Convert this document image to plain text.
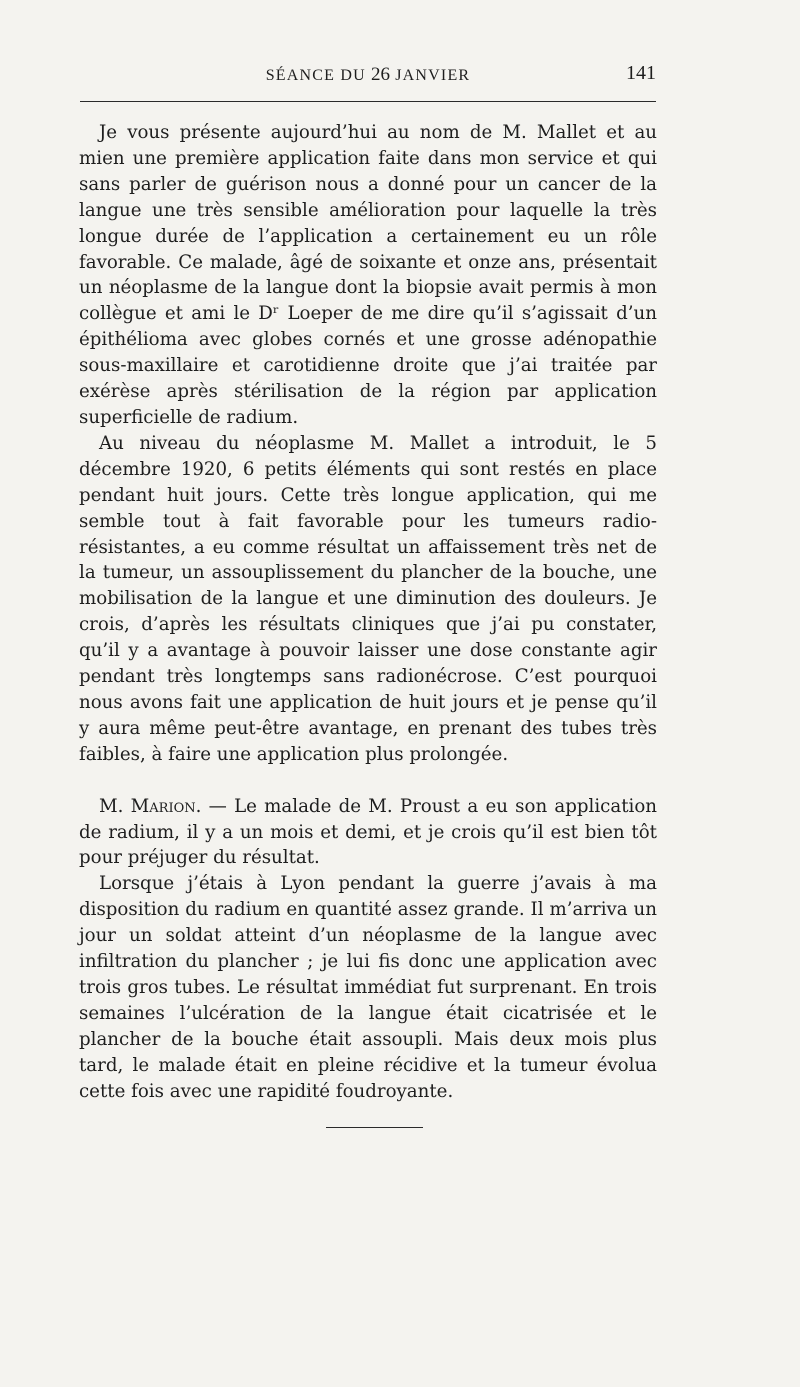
SÉANCE DU 26 JANVIER	141

Je vous présente aujourd’hui au nom de M. Mallet et au mien une première application faite dans mon service et qui sans parler de guérison nous a donné pour un cancer de la langue une très sensible amélioration pour laquelle la très longue durée de l’application a certainement eu un rôle favorable. Ce malade, âgé de soixante et onze ans, présentait un néoplasme de la langue dont la biopsie avait permis à mon collègue et ami le Dʳ Loeper de me dire qu’il s’agissait d’un épithélioma avec globes cornés et une grosse adénopathie sous-maxillaire et carotidienne droite que j’ai traitée par exérèse après stérilisation de la région par application superficielle de radium.

Au niveau du néoplasme M. Mallet a introduit, le 5 décembre 1920, 6 petits éléments qui sont restés en place pendant huit jours. Cette très longue application, qui me semble tout à fait favorable pour les tumeurs radio-résistantes, a eu comme résultat un affaissement très net de la tumeur, un assouplissement du plancher de la bouche, une mobilisation de la langue et une diminution des douleurs. Je crois, d’après les résultats cliniques que j’ai pu constater, qu’il y a avantage à pouvoir laisser une dose constante agir pendant très longtemps sans radionécrose. C’est pourquoi nous avons fait une application de huit jours et je pense qu’il y aura même peut-être avantage, en prenant des tubes très faibles, à faire une application plus prolongée.

M. Marion. — Le malade de M. Proust a eu son application de radium, il y a un mois et demi, et je crois qu’il est bien tôt pour préjuger du résultat.

Lorsque j’étais à Lyon pendant la guerre j’avais à ma disposition du radium en quantité assez grande. Il m’arriva un jour un soldat atteint d’un néoplasme de la langue avec infiltration du plancher ; je lui fis donc une application avec trois gros tubes. Le résultat immédiat fut surprenant. En trois semaines l’ulcération de la langue était cicatrisée et le plancher de la bouche était assoupli. Mais deux mois plus tard, le malade était en pleine récidive et la tumeur évolua cette fois avec une rapidité foudroyante.
